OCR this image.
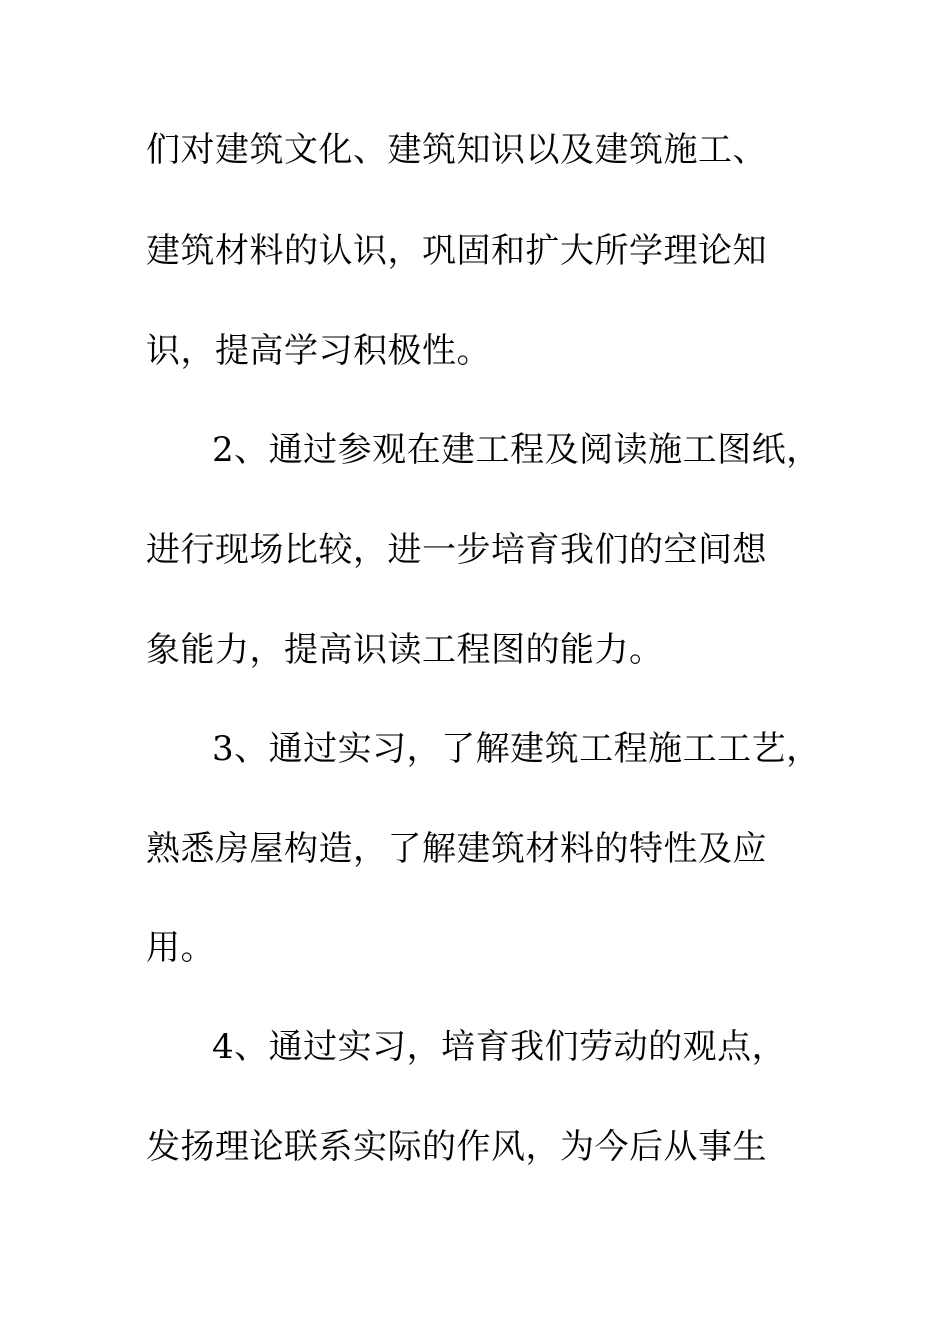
们对建筑文化、建筑知识以及建筑施工、
建筑材料的认识，巩固和扩大所学理论知
识，提高学习积极性。
2、通过参观在建工程及阅读施工图纸，
进行现场比较，进一步培育我们的空间想
象能力，提高识读工程图的能力。
3、通过实习，了解建筑工程施工工艺，
熟悉房屋构造，了解建筑材料的特性及应
用。
4、通过实习，培育我们劳动的观点，
发扬理论联系实际的作风，为今后从事生
